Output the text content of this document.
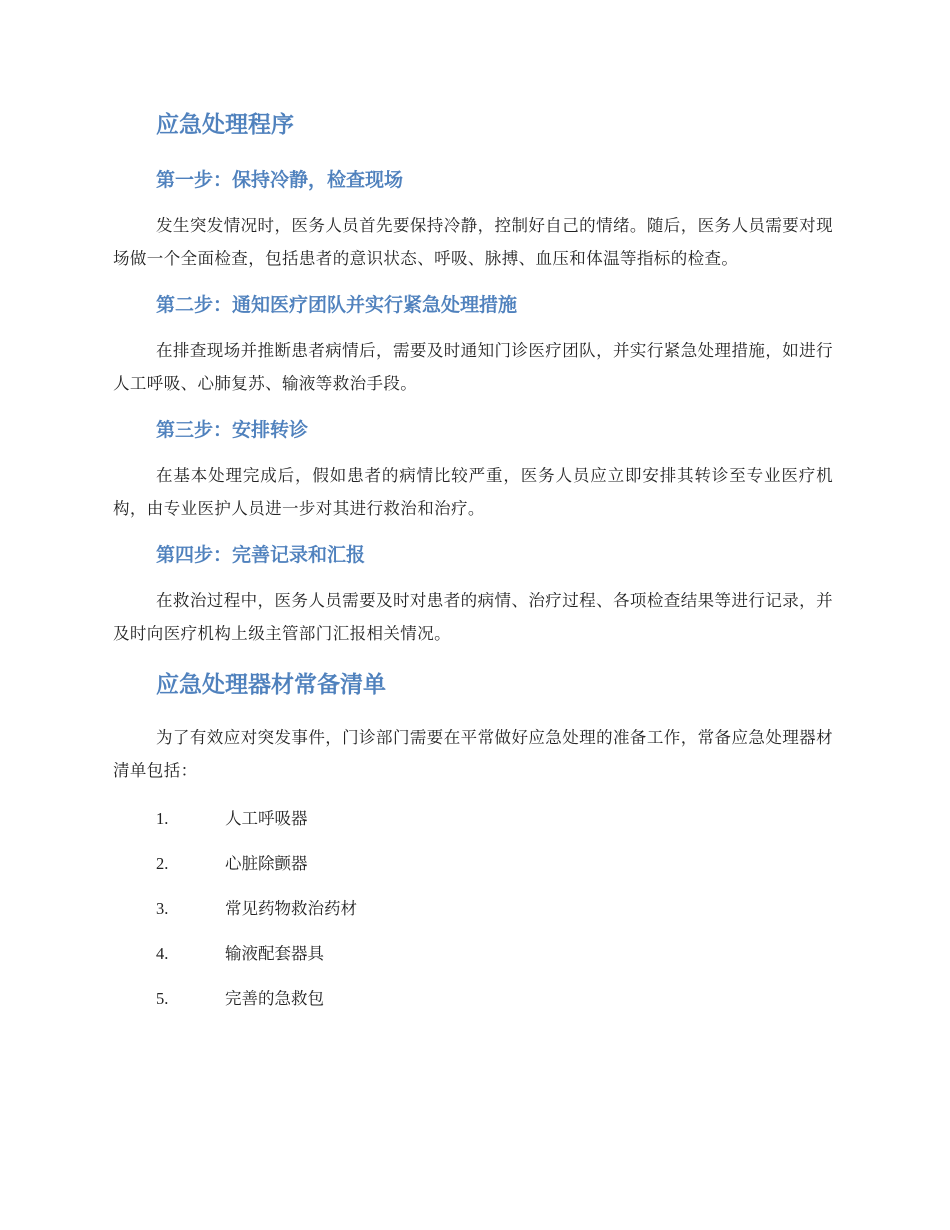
应急处理程序
第一步：保持冷静，检查现场

发生突发情况时，医务人员首先要保持冷静，控制好自己的情绪。随后，医务人员需要对现场做一个全面检查，包括患者的意识状态、呼吸、脉搏、血压和体温等指标的检查。

第二步：通知医疗团队并实行紧急处理措施

在排查现场并推断患者病情后，需要及时通知门诊医疗团队，并实行紧急处理措施，如进行人工呼吸、心肺复苏、输液等救治手段。

第三步：安排转诊

在基本处理完成后，假如患者的病情比较严重，医务人员应立即安排其转诊至专业医疗机构，由专业医护人员进一步对其进行救治和治疗。

第四步：完善记录和汇报

在救治过程中，医务人员需要及时对患者的病情、治疗过程、各项检查结果等进行记录，并及时向医疗机构上级主管部门汇报相关情况。

应急处理器材常备清单

为了有效应对突发事件，门诊部门需要在平常做好应急处理的准备工作，常备应急处理器材清单包括：

1.	人工呼吸器
2.	心脏除颤器
3.	常见药物救治药材
4.	输液配套器具
5.	完善的急救包
